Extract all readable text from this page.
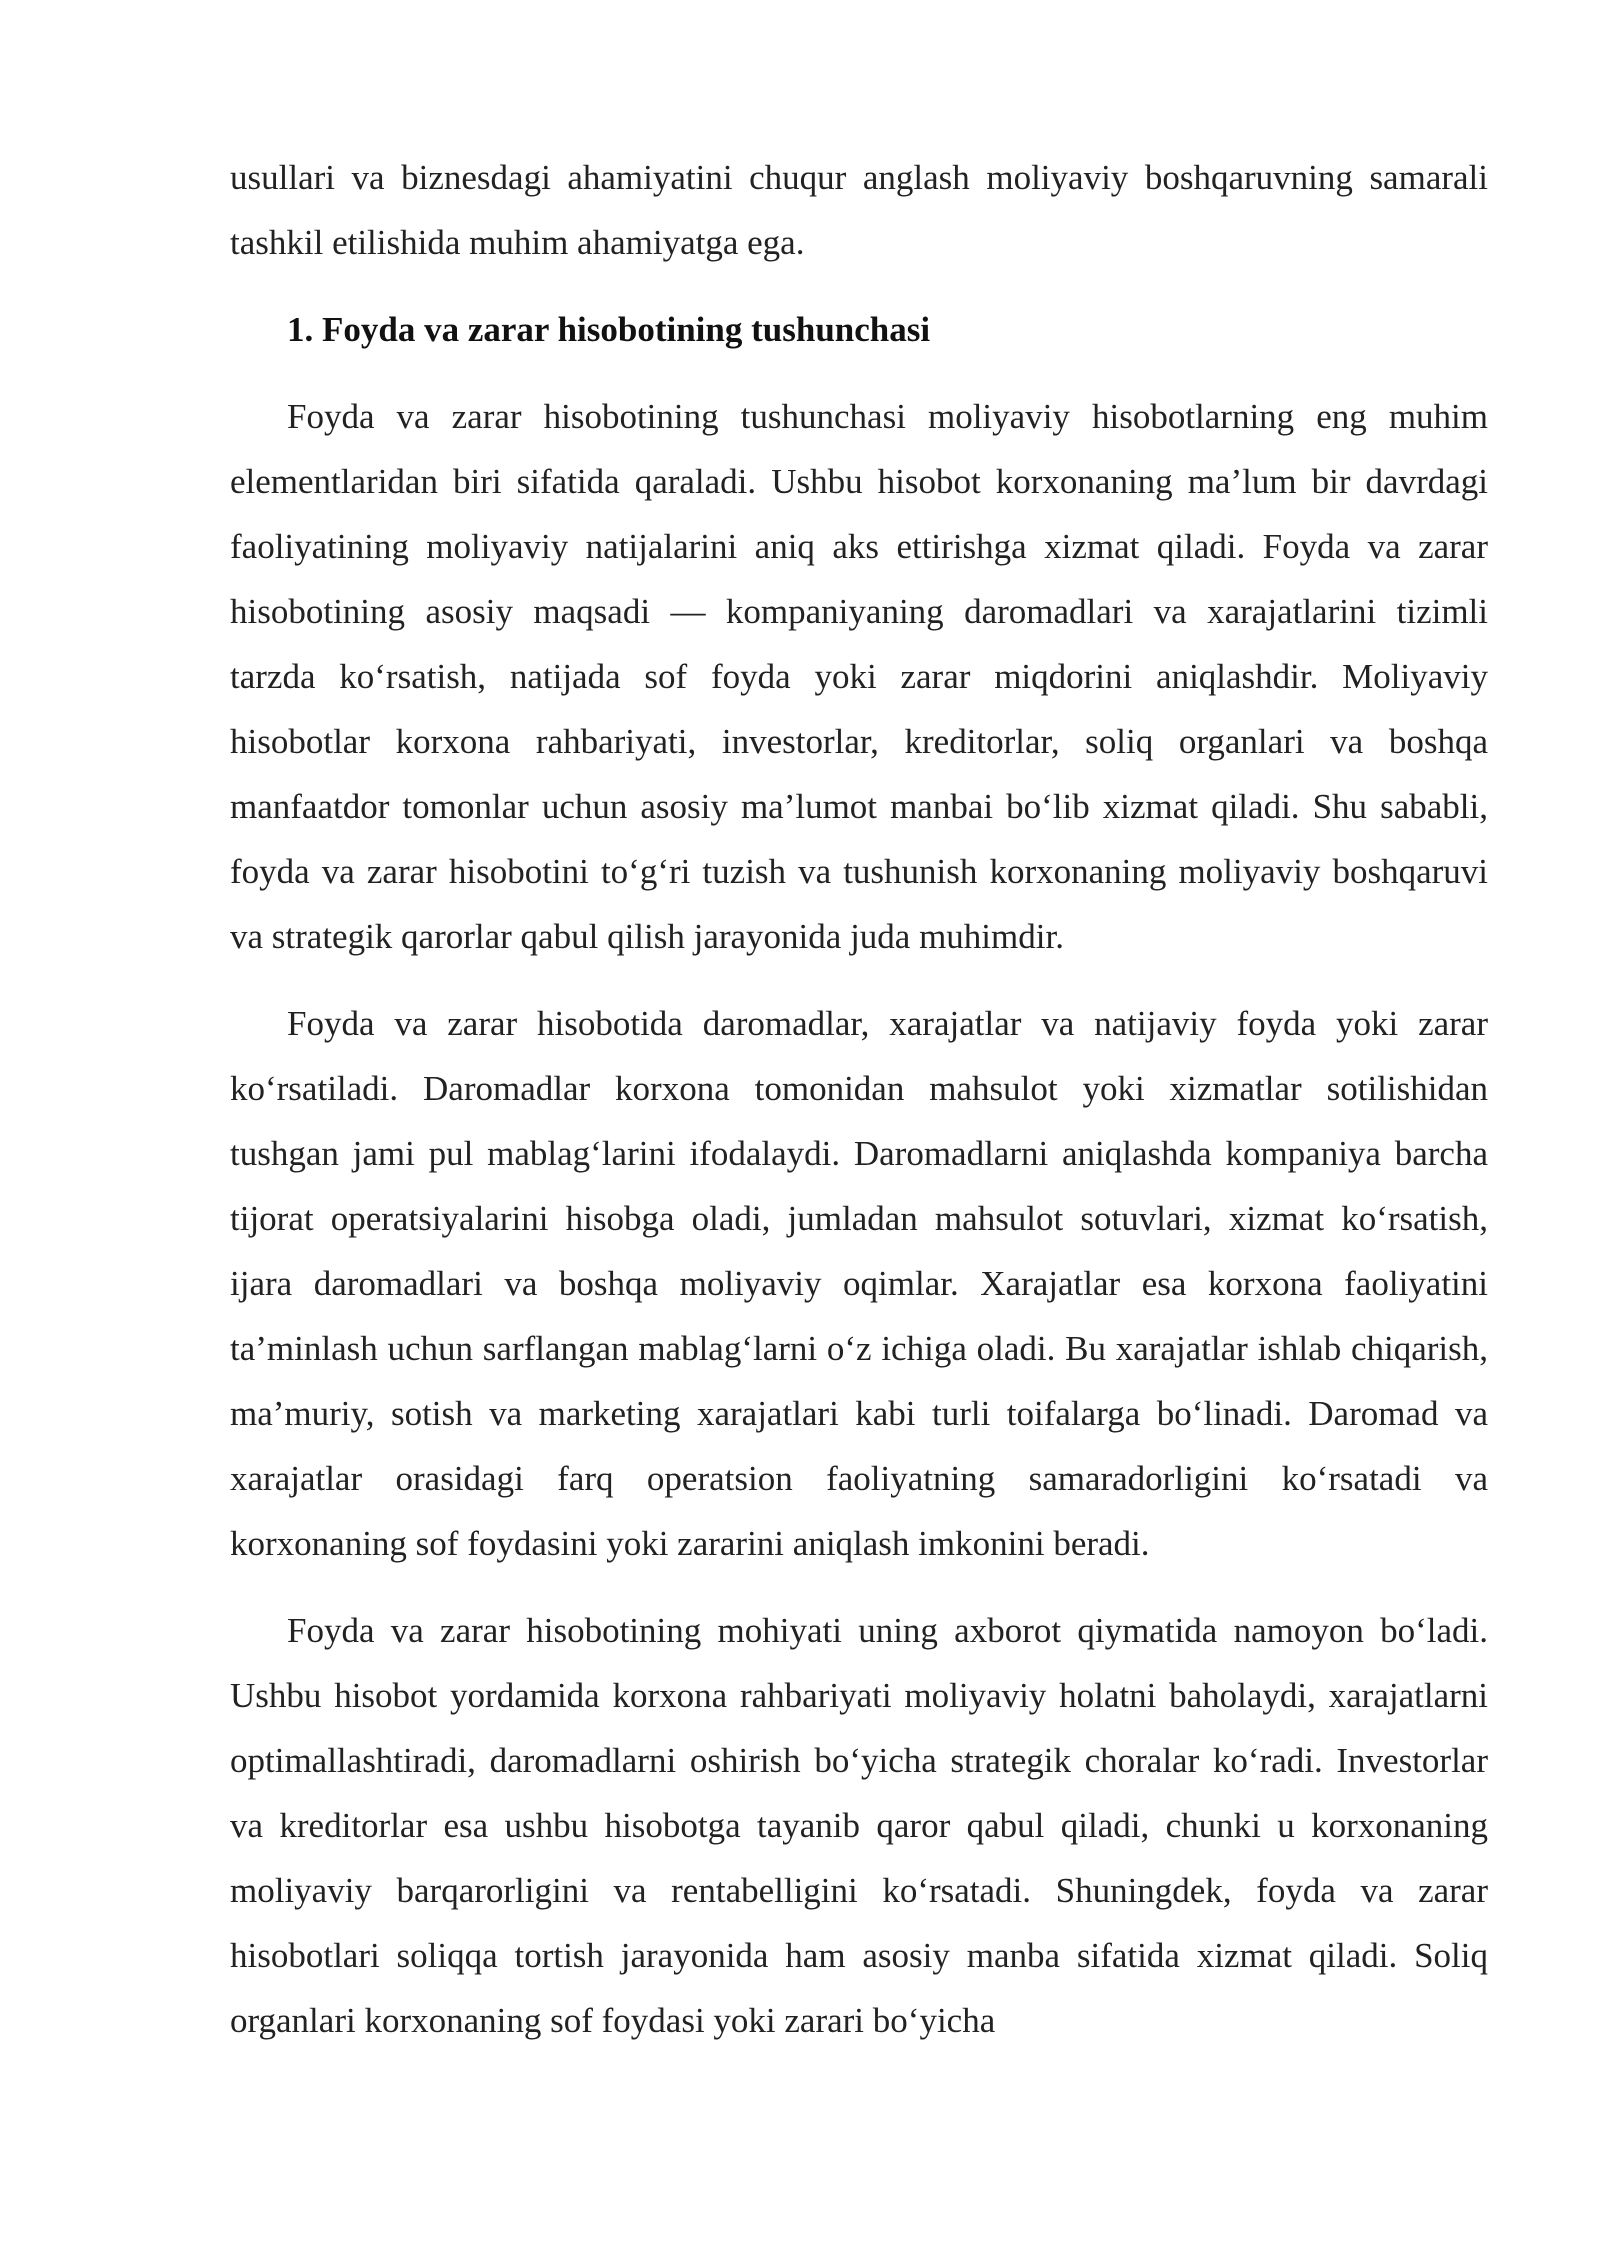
usullari va biznesdagi ahamiyatini chuqur anglash moliyaviy boshqaruvning samarali tashkil etilishida muhim ahamiyatga ega.

1. Foyda va zarar hisobotining tushunchasi

Foyda va zarar hisobotining tushunchasi moliyaviy hisobotlarning eng muhim elementlaridan biri sifatida qaraladi. Ushbu hisobot korxonaning ma’lum bir davrdagi faoliyatining moliyaviy natijalarini aniq aks ettirishga xizmat qiladi. Foyda va zarar hisobotining asosiy maqsadi — kompaniyaning daromadlari va xarajatlarini tizimli tarzda ko‘rsatish, natijada sof foyda yoki zarar miqdorini aniqlashdir. Moliyaviy hisobotlar korxona rahbariyati, investorlar, kreditorlar, soliq organlari va boshqa manfaatdor tomonlar uchun asosiy ma’lumot manbai bo‘lib xizmat qiladi. Shu sababli, foyda va zarar hisobotini to‘g‘ri tuzish va tushunish korxonaning moliyaviy boshqaruvi va strategik qarorlar qabul qilish jarayonida juda muhimdir.

Foyda va zarar hisobotida daromadlar, xarajatlar va natijaviy foyda yoki zarar ko‘rsatiladi. Daromadlar korxona tomonidan mahsulot yoki xizmatlar sotilishidan tushgan jami pul mablag‘larini ifodalaydi. Daromadlarni aniqlashda kompaniya barcha tijorat operatsiyalarini hisobga oladi, jumladan mahsulot sotuvlari, xizmat ko‘rsatish, ijara daromadlari va boshqa moliyaviy oqimlar. Xarajatlar esa korxona faoliyatini ta’minlash uchun sarflangan mablag‘larni o‘z ichiga oladi. Bu xarajatlar ishlab chiqarish, ma’muriy, sotish va marketing xarajatlari kabi turli toifalarga bo‘linadi. Daromad va xarajatlar orasidagi farq operatsion faoliyatning samaradorligini ko‘rsatadi va korxonaning sof foydasini yoki zararini aniqlash imkonini beradi.

Foyda va zarar hisobotining mohiyati uning axborot qiymatida namoyon bo‘ladi. Ushbu hisobot yordamida korxona rahbariyati moliyaviy holatni baholaydi, xarajatlarni optimallashtiradi, daromadlarni oshirish bo‘yicha strategik choralar ko‘radi. Investorlar va kreditorlar esa ushbu hisobotga tayanib qaror qabul qiladi, chunki u korxonaning moliyaviy barqarorligini va rentabelligini ko‘rsatadi. Shuningdek, foyda va zarar hisobotlari soliqqa tortish jarayonida ham asosiy manba sifatida xizmat qiladi. Soliq organlari korxonaning sof foydasi yoki zarari bo‘yicha
